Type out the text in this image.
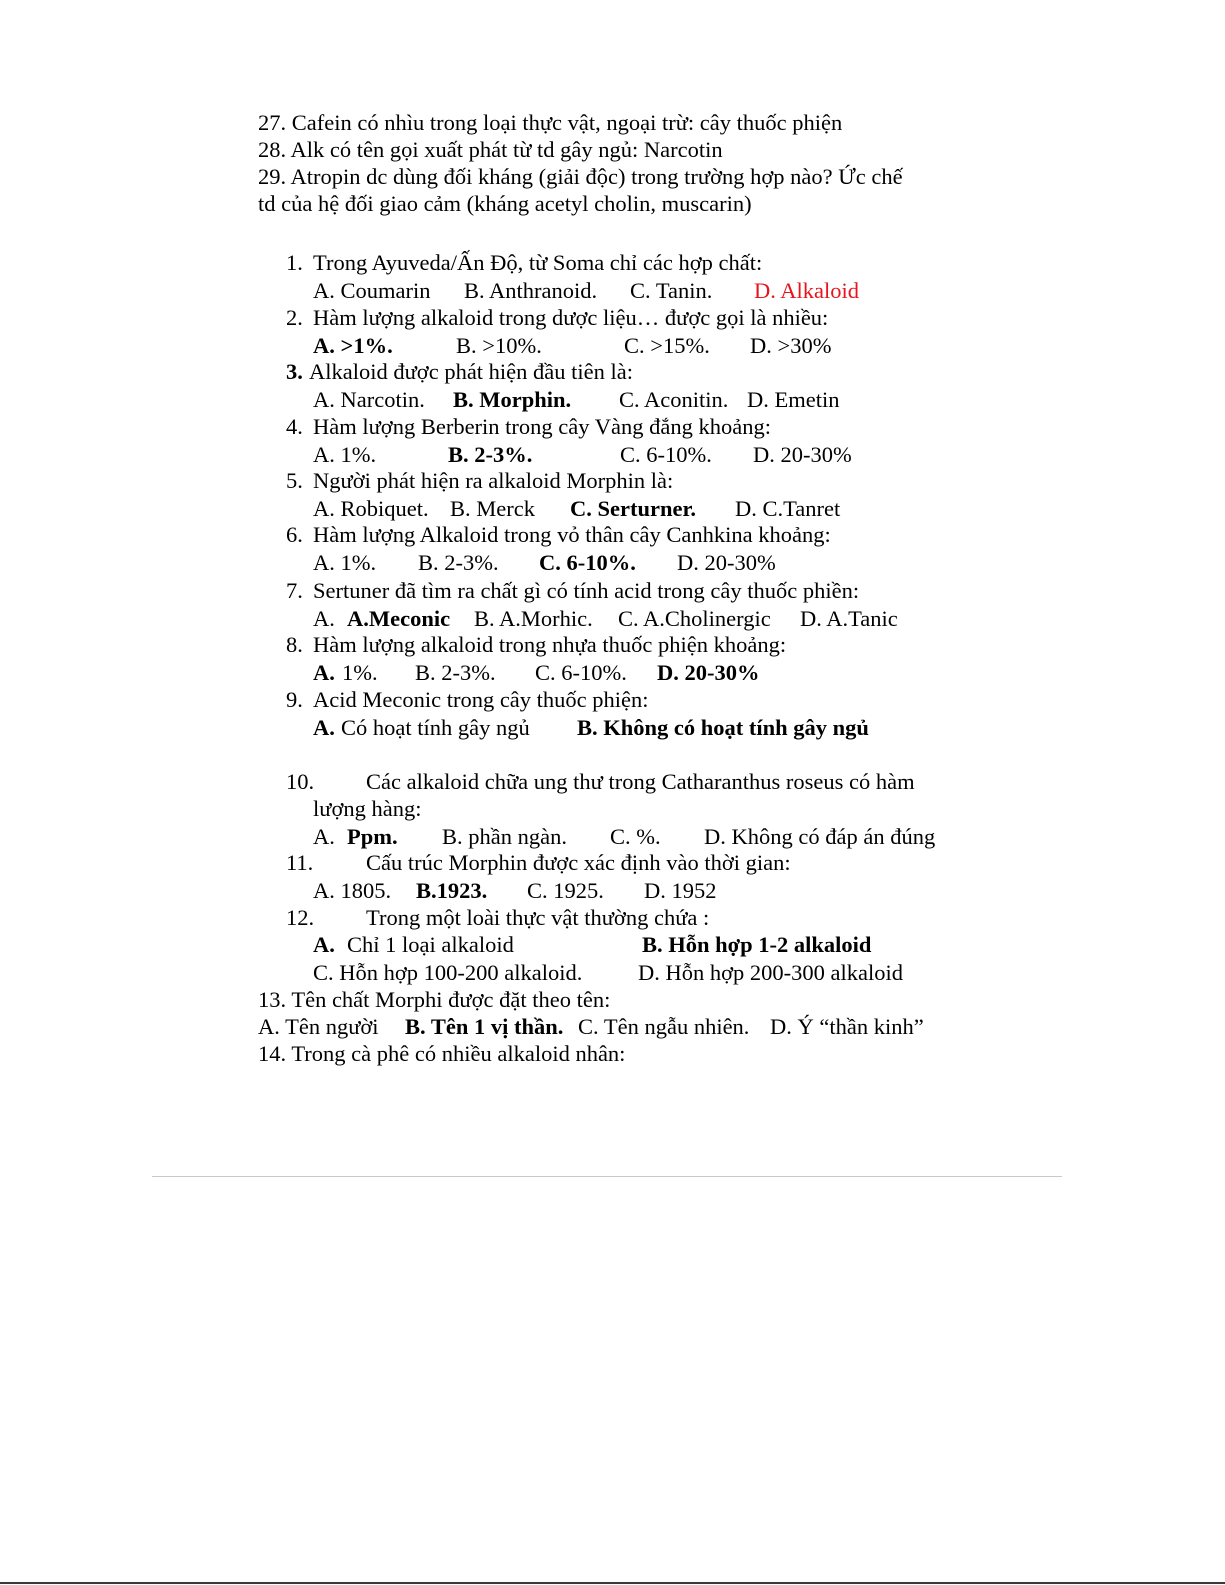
27. Cafein có nhìu trong loại thực vật, ngoại trừ: cây thuốc phiện
28. Alk có tên gọi xuất phát từ td gây ngủ: Narcotin
29. Atropin dc dùng đối kháng (giải độc) trong trường hợp nào? Ức chế
td của hệ đối giao cảm (kháng acetyl cholin, muscarin)
1. Trong Ayuveda/Ấn Độ, từ Soma chỉ các hợp chất:
A. Coumarin B. Anthranoid. C. Tanin. D. Alkaloid
2. Hàm lượng alkaloid trong dược liệu… được gọi là nhiều:
A. >1%.	B. >10%.	C. >15%. D. >30%
3. Alkaloid được phát hiện đầu tiên là:
A. Narcotin. B. Morphin. C. Aconitin. D. Emetin
4. Hàm lượng Berberin trong cây Vàng đắng khoảng:
A. 1%.	B. 2-3%.	C. 6-10%. D. 20-30%
5. Người phát hiện ra alkaloid Morphin là:
A. Robiquet. B. Merck C. Serturner. D. C.Tanret
6. Hàm lượng Alkaloid trong vỏ thân cây Canhkina khoảng:
A. 1%. B. 2-3%. C. 6-10%. D. 20-30%
7. Sertuner đã tìm ra chất gì có tính acid trong cây thuốc phiền:
A. A.Meconic B. A.Morhic. C. A.Cholinergic D. A.Tanic
8. Hàm lượng alkaloid trong nhựa thuốc phiện khoảng:
A. 1%. B. 2-3%. C. 6-10%. D. 20-30%
9. Acid Meconic trong cây thuốc phiện:
A. Có hoạt tính gây ngủ B. Không có hoạt tính gây ngủ
10. Các alkaloid chữa ung thư trong Catharanthus roseus có hàm
lượng hàng:
A. Ppm. B. phần ngàn. C. %. D. Không có đáp án đúng
11. Cấu trúc Morphin được xác định vào thời gian:
A. 1805. B.1923. C. 1925. D. 1952
12. Trong một loài thực vật thường chứa :
A. Chỉ 1 loại alkaloid	B. Hỗn hợp 1-2 alkaloid
C. Hỗn hợp 100-200 alkaloid. D. Hỗn hợp 200-300 alkaloid
13. Tên chất Morphi được đặt theo tên:
A. Tên người B. Tên 1 vị thần. C. Tên ngẫu nhiên. D. Ý “thần kinh”
14. Trong cà phê có nhiều alkaloid nhân:
